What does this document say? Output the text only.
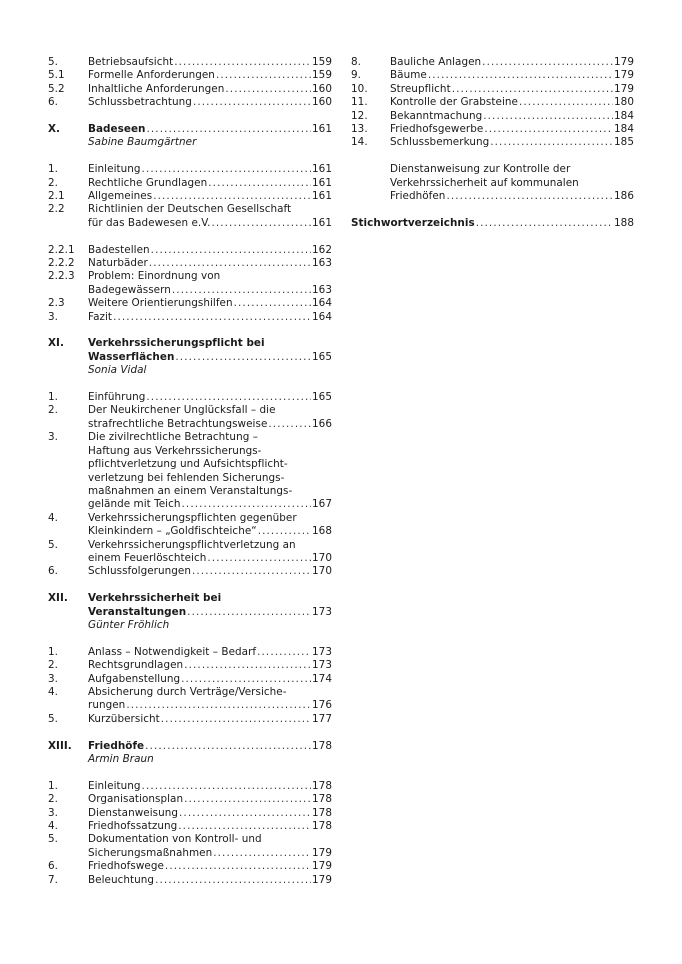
5.	Betriebsaufsicht . . .	159
5.1 Formelle Anforderungen . . .	159
5.2 Inhaltliche Anforderungen . . .	160
6.	Schlussbetrachtung . . .	160
X.	Badeseen . . .	161
Sabine Baumgärtner
1.	Einleitung . . .	161
2.	Rechtliche Grundlagen . . .	161
2.1 Allgemeines . . .	161
2.2 Richtlinien der Deutschen Gesellschaft
für das Badewesen e.V. . . .	161
2.2.1 Badestellen . . .	162
2.2.2 Naturbäder . . .	163
2.2.3 Problem: Einordnung von
Badegewässern . . .	163
2.3 Weitere Orientierungshilfen . . .	164
3.	Fazit . . .	164
XI. Verkehrssicherungspflicht bei
Wasserflächen . . .	165
Sonia Vidal
1.	Einführung . . .	165
2.	Der Neukirchener Unglücksfall – die
strafrechtliche Betrachtungsweise . . .	166
3.	Die zivilrechtliche Betrachtung –
Haftung aus Verkehrssicherungs-
pflichtverletzung und Aufsichtspflicht-
verletzung bei fehlenden Sicherungs-
maßnahmen an einem Veranstaltungs-
gelände mit Teich . . .	167
4.	Verkehrssicherungspflichten gegenüber
Kleinkindern – „Goldfischteiche“ . . .	168
5.	Verkehrssicherungspflichtverletzung an
einem Feuerlöschteich . . .	170
6.	Schlussfolgerungen . . .	170
XII. Verkehrssicherheit bei
Veranstaltungen . . .	173
Günter Fröhlich
1.	Anlass – Notwendigkeit – Bedarf . . .	173
2.	Rechtsgrundlagen . . .	173
3.	Aufgabenstellung . . .	174
4.	Absicherung durch Verträge/Versiche-
rungen . . .	176
5.	Kurzübersicht . . .	177
XIII. Friedhöfe . . .	178
Armin Braun
1.	Einleitung . . .	178
2.	Organisationsplan . . .	178
3.	Dienstanweisung . . .	178
4.	Friedhofssatzung . . .	178
5.	Dokumentation von Kontroll- und
Sicherungsmaßnahmen . . .	179
6.	Friedhofswege . . .	179
7.	Beleuchtung . . .	179
8.	Bauliche Anlagen . . .	179
9.	Bäume . . .	179
10. Streupflicht . . .	179
11. Kontrolle der Grabsteine . . .	180
12. Bekanntmachung . . .	184
13. Friedhofsgewerbe . . .	184
14. Schlussbemerkung . . .	185
Dienstanweisung zur Kontrolle der
Verkehrssicherheit auf kommunalen
Friedhöfen . . .	186
Stichwortverzeichnis . . .	188
